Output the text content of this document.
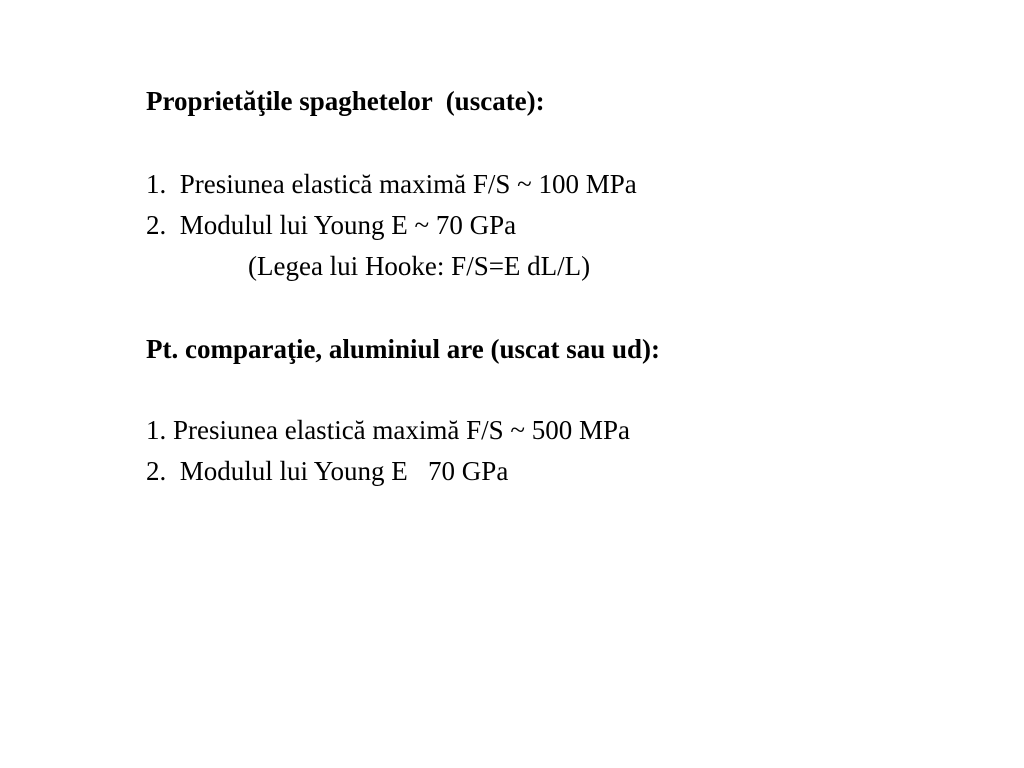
Proprietăţile spaghetelor  (uscate):
1.  Presiunea elastică maximă F/S ~ 100 MPa
2.  Modulul lui Young E ~ 70 GPa
(Legea lui Hooke: F/S=E dL/L)
Pt. comparaţie, aluminiul are (uscat sau ud):
1. Presiunea elastică maximă F/S ~ 500 MPa
2.  Modulul lui Young E   70 GPa
